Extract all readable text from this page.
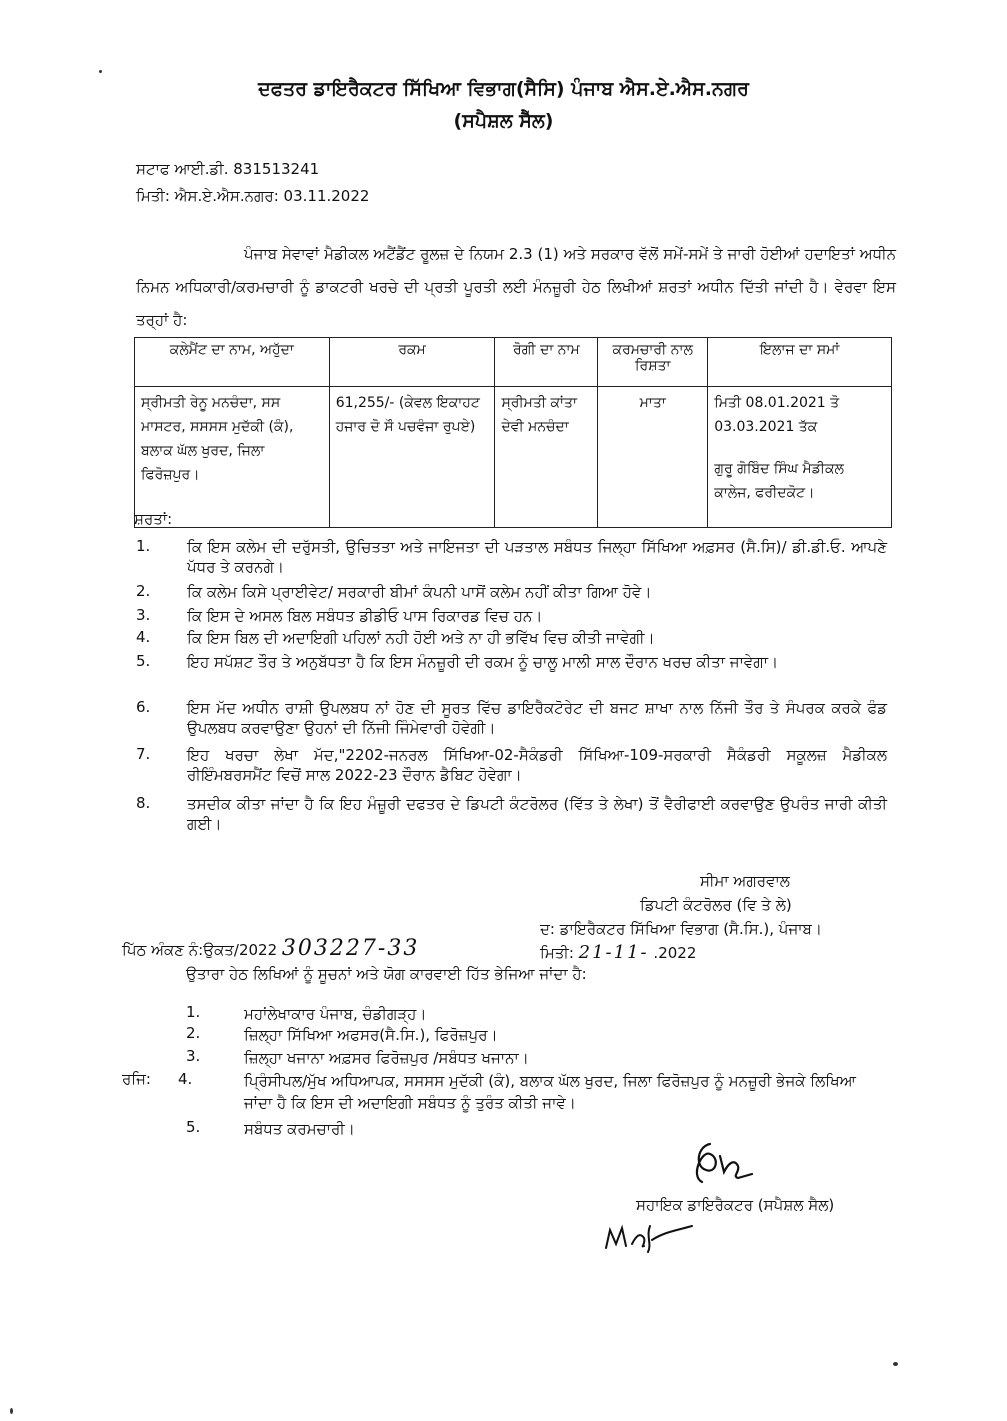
ਦਫਤਰ ਡਾਇਰੈਕਟਰ ਸਿੱਖਿਆ ਵਿਭਾਗ(ਸੈਸਿ) ਪੰਜਾਬ ਐਸ.ਏ.ਐਸ.ਨਗਰ
(ਸਪੈਸ਼ਲ ਸੈੱਲ)
ਸਟਾਫ ਆਈ.ਡੀ. 831513241
ਮਿਤੀ: ਐਸ.ਏ.ਐਸ.ਨਗਰ: 03.11.2022
ਪੰਜਾਬ ਸੇਵਾਵਾਂ ਮੈਡੀਕਲ ਅਟੈਂਡੈਂਟ ਰੂਲਜ਼ ਦੇ ਨਿਯਮ 2.3 (1) ਅਤੇ ਸਰਕਾਰ ਵੱਲੋਂ ਸਮੇਂ-ਸਮੇਂ ਤੇ ਜਾਰੀ ਹੋਈਆਂ ਹਦਾਇਤਾਂ ਅਧੀਨ ਨਿਮਨ ਅਧਿਕਾਰੀ/ਕਰਮਚਾਰੀ ਨੂੰ ਡਾਕਟਰੀ ਖਰਚੇ ਦੀ ਪ੍ਰਤੀ ਪੂਰਤੀ ਲਈ ਮੰਨਜ਼ੂਰੀ ਹੇਠ ਲਿਖੀਆਂ ਸ਼ਰਤਾਂ ਅਧੀਨ ਦਿੱਤੀ ਜਾਂਦੀ ਹੈ। ਵੇਰਵਾ ਇਸ ਤਰ੍ਹਾਂ ਹੈ:
ਕਲੇਮੈਂਟ ਦਾ ਨਾਮ, ਅਹੁੱਦਾ	ਰਕਮ	ਰੋਗੀ ਦਾ ਨਾਮ	ਕਰਮਚਾਰੀ ਨਾਲ ਰਿਸ਼ਤਾ	ਇਲਾਜ ਦਾ ਸਮਾਂ
ਸ੍ਰੀਮਤੀ ਰੇਨੂ ਮਨਚੰਦਾ, ਸਸ ਮਾਸਟਰ, ਸਸਸਸ ਮੁਦੱਕੀ (ਕੰ), ਬਲਾਕ ਘੱਲ ਖੁਰਦ, ਜਿਲਾ ਫਿਰੋਜ਼ਪੁਰ।	61,255/- (ਕੇਵਲ ਇਕਾਹਟ ਹਜਾਰ ਦੋ ਸੌ ਪਚਵੰਜਾ ਰੁਪਏ)	ਸ੍ਰੀਮਤੀ ਕਾਂਤਾ ਦੇਵੀ ਮਨਚੰਦਾ	ਮਾਤਾ	ਮਿਤੀ 08.01.2021 ਤੋ 03.03.2021 ਤੱਕ
ਗੁਰੂ ਗੋਬਿੰਦ ਸਿੰਘ ਮੈਡੀਕਲ ਕਾਲੇਜ, ਫਰੀਦਕੋਟ।
ਸ਼ਰਤਾਂ:
1. ਕਿ ਇਸ ਕਲੇਮ ਦੀ ਦਰੁੱਸਤੀ, ਉਚਿਤਤਾ ਅਤੇ ਜਾਇਜਤਾ ਦੀ ਪੜਤਾਲ ਸਬੰਧਤ ਜਿਲ੍ਹਾ ਸਿੱਖਿਆ ਅਫ਼ਸਰ (ਸੈ.ਸਿ)/ ਡੀ.ਡੀ.ਓ. ਆਪਣੇ ਪੱਧਰ ਤੇ ਕਰਨਗੇ।
2. ਕਿ ਕਲੇਮ ਕਿਸੇ ਪ੍ਰਾਈਵੇਟ/ ਸਰਕਾਰੀ ਬੀਮਾਂ ਕੰਪਨੀ ਪਾਸੋਂ ਕਲੇਮ ਨਹੀਂ ਕੀਤਾ ਗਿਆ ਹੋਵੇ।
3. ਕਿ ਇਸ ਦੇ ਅਸਲ ਬਿਲ ਸਬੰਧਤ ਡੀਡੀਓ ਪਾਸ ਰਿਕਾਰਡ ਵਿਚ ਹਨ।
4. ਕਿ ਇਸ ਬਿਲ ਦੀ ਅਦਾਇਗੀ ਪਹਿਲਾਂ ਨਹੀ ਹੋਈ ਅਤੇ ਨਾ ਹੀ ਭਵਿੱਖ ਵਿਚ ਕੀਤੀ ਜਾਵੇਗੀ।
5. ਇਹ ਸਪੱਸ਼ਟ ਤੌਰ ਤੇ ਅਨੁਬੱਧਤਾ ਹੈ ਕਿ ਇਸ ਮੰਨਜ਼ੂਰੀ ਦੀ ਰਕਮ ਨੂੰ ਚਾਲੂ ਮਾਲੀ ਸਾਲ ਦੌਰਾਨ ਖਰਚ ਕੀਤਾ ਜਾਵੇਗਾ।
6. ਇਸ ਮੱਦ ਅਧੀਨ ਰਾਸ਼ੀ ਉਪਲਬਧ ਨਾਂ ਹੋਣ ਦੀ ਸੂਰਤ ਵਿੱਚ ਡਾਇਰੈਕਟੋਰੇਟ ਦੀ ਬਜਟ ਸ਼ਾਖਾ ਨਾਲ ਨਿੱਜੀ ਤੌਰ ਤੇ ਸੰਪਰਕ ਕਰਕੇ ਫੰਡ ਉਪਲਬਧ ਕਰਵਾਉਣਾ ਉਹਨਾਂ ਦੀ ਨਿੱਜੀ ਜਿੰਮੇਵਾਰੀ ਹੋਵੇਗੀ।
7. ਇਹ ਖਰਚਾ ਲੇਖਾ ਮੱਦ,"2202-ਜਨਰਲ ਸਿੱਖਿਆ-02-ਸੈਕੰਡਰੀ ਸਿੱਖਿਆ-109-ਸਰਕਾਰੀ ਸੈਕੰਡਰੀ ਸਕੂਲਜ਼ ਮੈਡੀਕਲ ਰੀਇੰਮਬਰਸਮੈਂਟ ਵਿਚੋਂ ਸਾਲ 2022-23 ਦੌਰਾਨ ਡੈਬਿਟ ਹੋਵੇਗਾ।
8. ਤਸਦੀਕ ਕੀਤਾ ਜਾਂਦਾ ਹੈ ਕਿ ਇਹ ਮੰਜ਼ੂਰੀ ਦਫਤਰ ਦੇ ਡਿਪਟੀ ਕੰਟਰੋਲਰ (ਵਿੱਤ ਤੇ ਲੇਖਾ) ਤੋਂ ਵੈਰੀਫਾਈ ਕਰਵਾਉਣ ਉਪਰੰਤ ਜਾਰੀ ਕੀਤੀ ਗਈ।
ਸੀਮਾ ਅਗਰਵਾਲ
ਡਿਪਟੀ ਕੰਟਰੋਲਰ (ਵਿ ਤੇ ਲੇ)
ਦ: ਡਾਇਰੈਕਟਰ ਸਿੱਖਿਆ ਵਿਭਾਗ (ਸੈ.ਸਿ.), ਪੰਜਾਬ।
ਮਿਤੀ: 21-11- .2022
ਪਿੱਠ ਅੰਕਣ ਨੰ:ਉਕਤ/2022 303227-33
ਉਤਾਰਾ ਹੇਠ ਲਿਖਿਆਂ ਨੂੰ ਸੂਚਨਾਂ ਅਤੇ ਯੋਗ ਕਾਰਵਾਈ ਹਿੱਤ ਭੇਜਿਆ ਜਾਂਦਾ ਹੈ:
1.	ਮਹਾਂਲੇਖਾਕਾਰ ਪੰਜਾਬ, ਚੰਡੀਗੜ੍ਹ।
2.	ਜ਼ਿਲ੍ਹਾ ਸਿੱਖਿਆ ਅਫਸਰ(ਸੈ.ਸਿ.), ਫਿਰੋਜ਼ਪੁਰ।
3.	ਜ਼ਿਲ੍ਹਾ ਖਜਾਨਾ ਅਫ਼ਸਰ ਫਿਰੋਜ਼ਪੁਰ /ਸਬੰਧਤ ਖਜਾਨਾ।
ਰਜਿ: 4.	ਪ੍ਰਿੰਸੀਪਲ/ਮੁੱਖ ਅਧਿਆਪਕ, ਸਸਸਸ ਮੁਦੱਕੀ (ਕੰ), ਬਲਾਕ ਘੱਲ ਖੁਰਦ, ਜਿਲਾ ਫਿਰੋਜ਼ਪੁਰ ਨੂੰ ਮਨਜ਼ੂਰੀ ਭੇਜਕੇ ਲਿਖਿਆ ਜਾਂਦਾ ਹੈ ਕਿ ਇਸ ਦੀ ਅਦਾਇਗੀ ਸਬੰਧਤ ਨੂੰ ਤੁਰੰਤ ਕੀਤੀ ਜਾਵੇ।
5.	ਸਬੰਧਤ ਕਰਮਚਾਰੀ।
ਸਹਾਇਕ ਡਾਇਰੈਕਟਰ (ਸਪੈਸ਼ਲ ਸੈਲ)
